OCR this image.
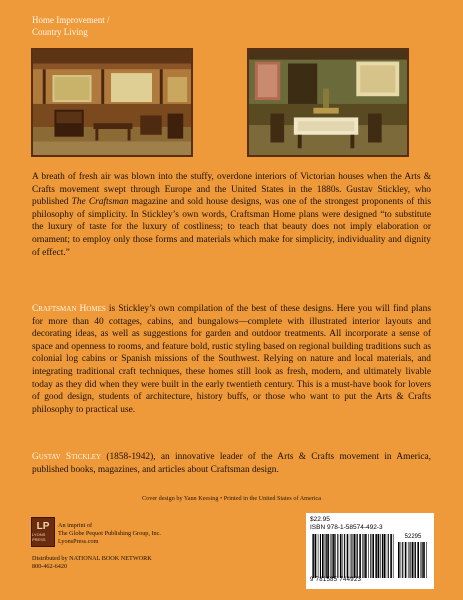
Home Improvement /
Country Living

A breath of fresh air was blown into the stuffy, overdone interiors of Victorian houses when the Arts & Crafts movement swept through Europe and the United States in the 1880s. Gustav Stickley, who published The Craftsman magazine and sold house designs, was one of the strongest proponents of this philosophy of simplicity. In Stickley’s own words, Craftsman Home plans were designed “to substitute the luxury of taste for the luxury of costliness; to teach that beauty does not imply elaboration or ornament; to employ only those forms and materials which make for simplicity, individuality and dignity of effect.”

Craftsman Homes is Stickley’s own compilation of the best of these designs. Here you will find plans for more than 40 cottages, cabins, and bungalows—complete with illustrated interior layouts and decorating ideas, as well as suggestions for garden and outdoor treatments. All incorporate a sense of space and openness to rooms, and feature bold, rustic styling based on regional building traditions such as colonial log cabins or Spanish missions of the Southwest. Relying on nature and local materials, and integrating traditional craft techniques, these homes still look as fresh, modern, and ultimately livable today as they did when they were built in the early twentieth century. This is a must-have book for lovers of good design, students of architecture, history buffs, or those who want to put the Arts & Crafts philosophy to practical use.

Gustav Stickley (1858-1942), an innovative leader of the Arts & Crafts movement in America, published books, magazines, and articles about Craftsman design.

Cover design by Yann Keesing • Printed in the United States of America
LP
LYONS PRESS
An imprint of
The Globe Pequot Publishing Group, Inc.
LyonsPress.com
Distributed by NATIONAL BOOK NETWORK
800-462-6420
$22.95
ISBN 978-1-58574-492-3
52295
9 781585 744923
